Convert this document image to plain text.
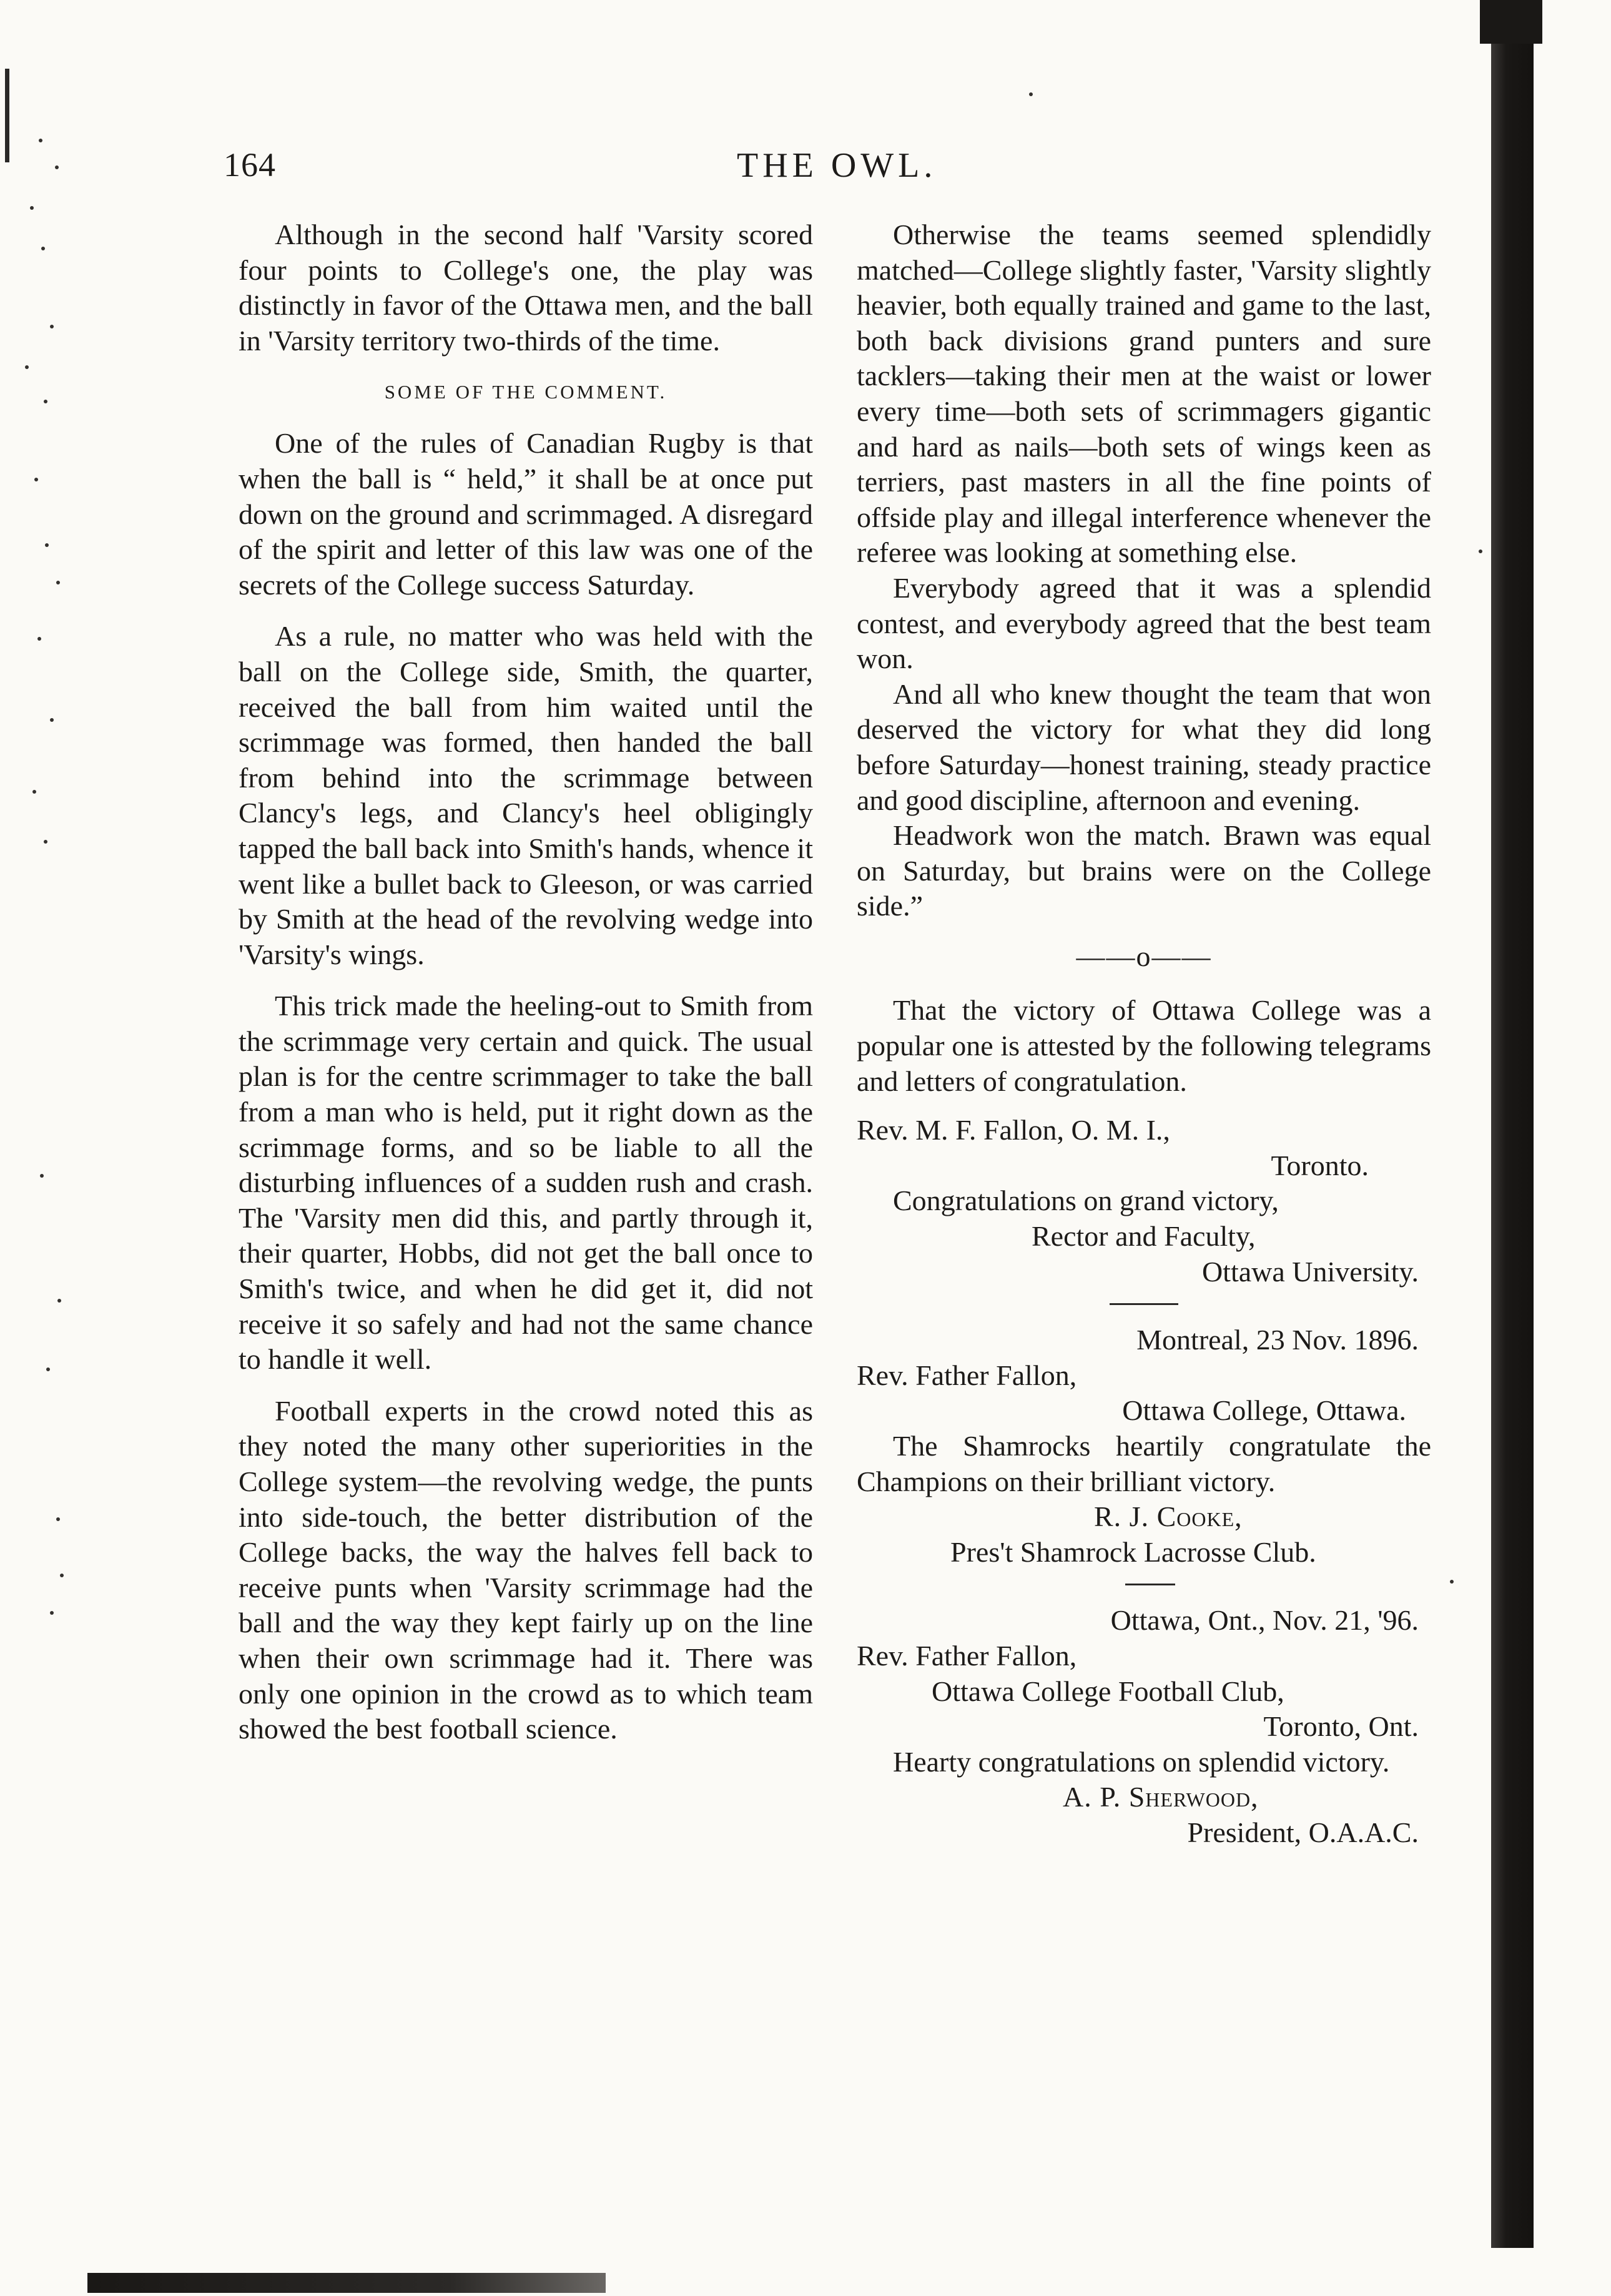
164	THE OWL.

Although in the second half 'Varsity scored four points to College's one, the play was distinctly in favor of the Ottawa men, and the ball in 'Varsity territory two-thirds of the time.

SOME OF THE COMMENT.

One of the rules of Canadian Rugby is that when the ball is “ held,” it shall be at once put down on the ground and scrimmaged. A disregard of the spirit and letter of this law was one of the secrets of the College success Saturday.

As a rule, no matter who was held with the ball on the College side, Smith, the quarter, received the ball from him waited until the scrimmage was formed, then handed the ball from behind into the scrimmage between Clancy's legs, and Clancy's heel obligingly tapped the ball back into Smith's hands, whence it went like a bullet back to Gleeson, or was carried by Smith at the head of the revolving wedge into 'Varsity's wings.

This trick made the heeling-out to Smith from the scrimmage very certain and quick. The usual plan is for the centre scrimmager to take the ball from a man who is held, put it right down as the scrimmage forms, and so be liable to all the disturbing influences of a sudden rush and crash. The 'Varsity men did this, and partly through it, their quarter, Hobbs, did not get the ball once to Smith's twice, and when he did get it, did not receive it so safely and had not the same chance to handle it well.

Football experts in the crowd noted this as they noted the many other superiorities in the College system—the revolving wedge, the punts into side-touch, the better distribution of the College backs, the way the halves fell back to receive punts when 'Varsity scrimmage had the ball and the way they kept fairly up on the line when their own scrimmage had it. There was only one opinion in the crowd as to which team showed the best football science.

Otherwise the teams seemed splendidly matched—College slightly faster, 'Varsity slightly heavier, both equally trained and game to the last, both back divisions grand punters and sure tacklers—taking their men at the waist or lower every time—both sets of scrimmagers gigantic and hard as nails—both sets of wings keen as terriers, past masters in all the fine points of offside play and illegal interference whenever the referee was looking at something else.

Everybody agreed that it was a splendid contest, and everybody agreed that the best team won.

And all who knew thought the team that won deserved the victory for what they did long before Saturday—honest training, steady practice and good discipline, afternoon and evening.

Headwork won the match. Brawn was equal on Saturday, but brains were on the College side.”

——o——

That the victory of Ottawa College was a popular one is attested by the following telegrams and letters of congratulation.

Rev. M. F. Fallon, O. M. I.,
Toronto.
Congratulations on grand victory,
Rector and Faculty,
Ottawa University.
Montreal, 23 Nov. 1896.
Rev. Father Fallon,
Ottawa College, Ottawa.

The Shamrocks heartily congratulate the Champions on their brilliant victory.

R. J. Cooke,
Pres't Shamrock Lacrosse Club.
Ottawa, Ont., Nov. 21, '96.
Rev. Father Fallon,
Ottawa College Football Club,
Toronto, Ont.

Hearty congratulations on splendid victory.

A. P. Sherwood,
President, O.A.A.C.
